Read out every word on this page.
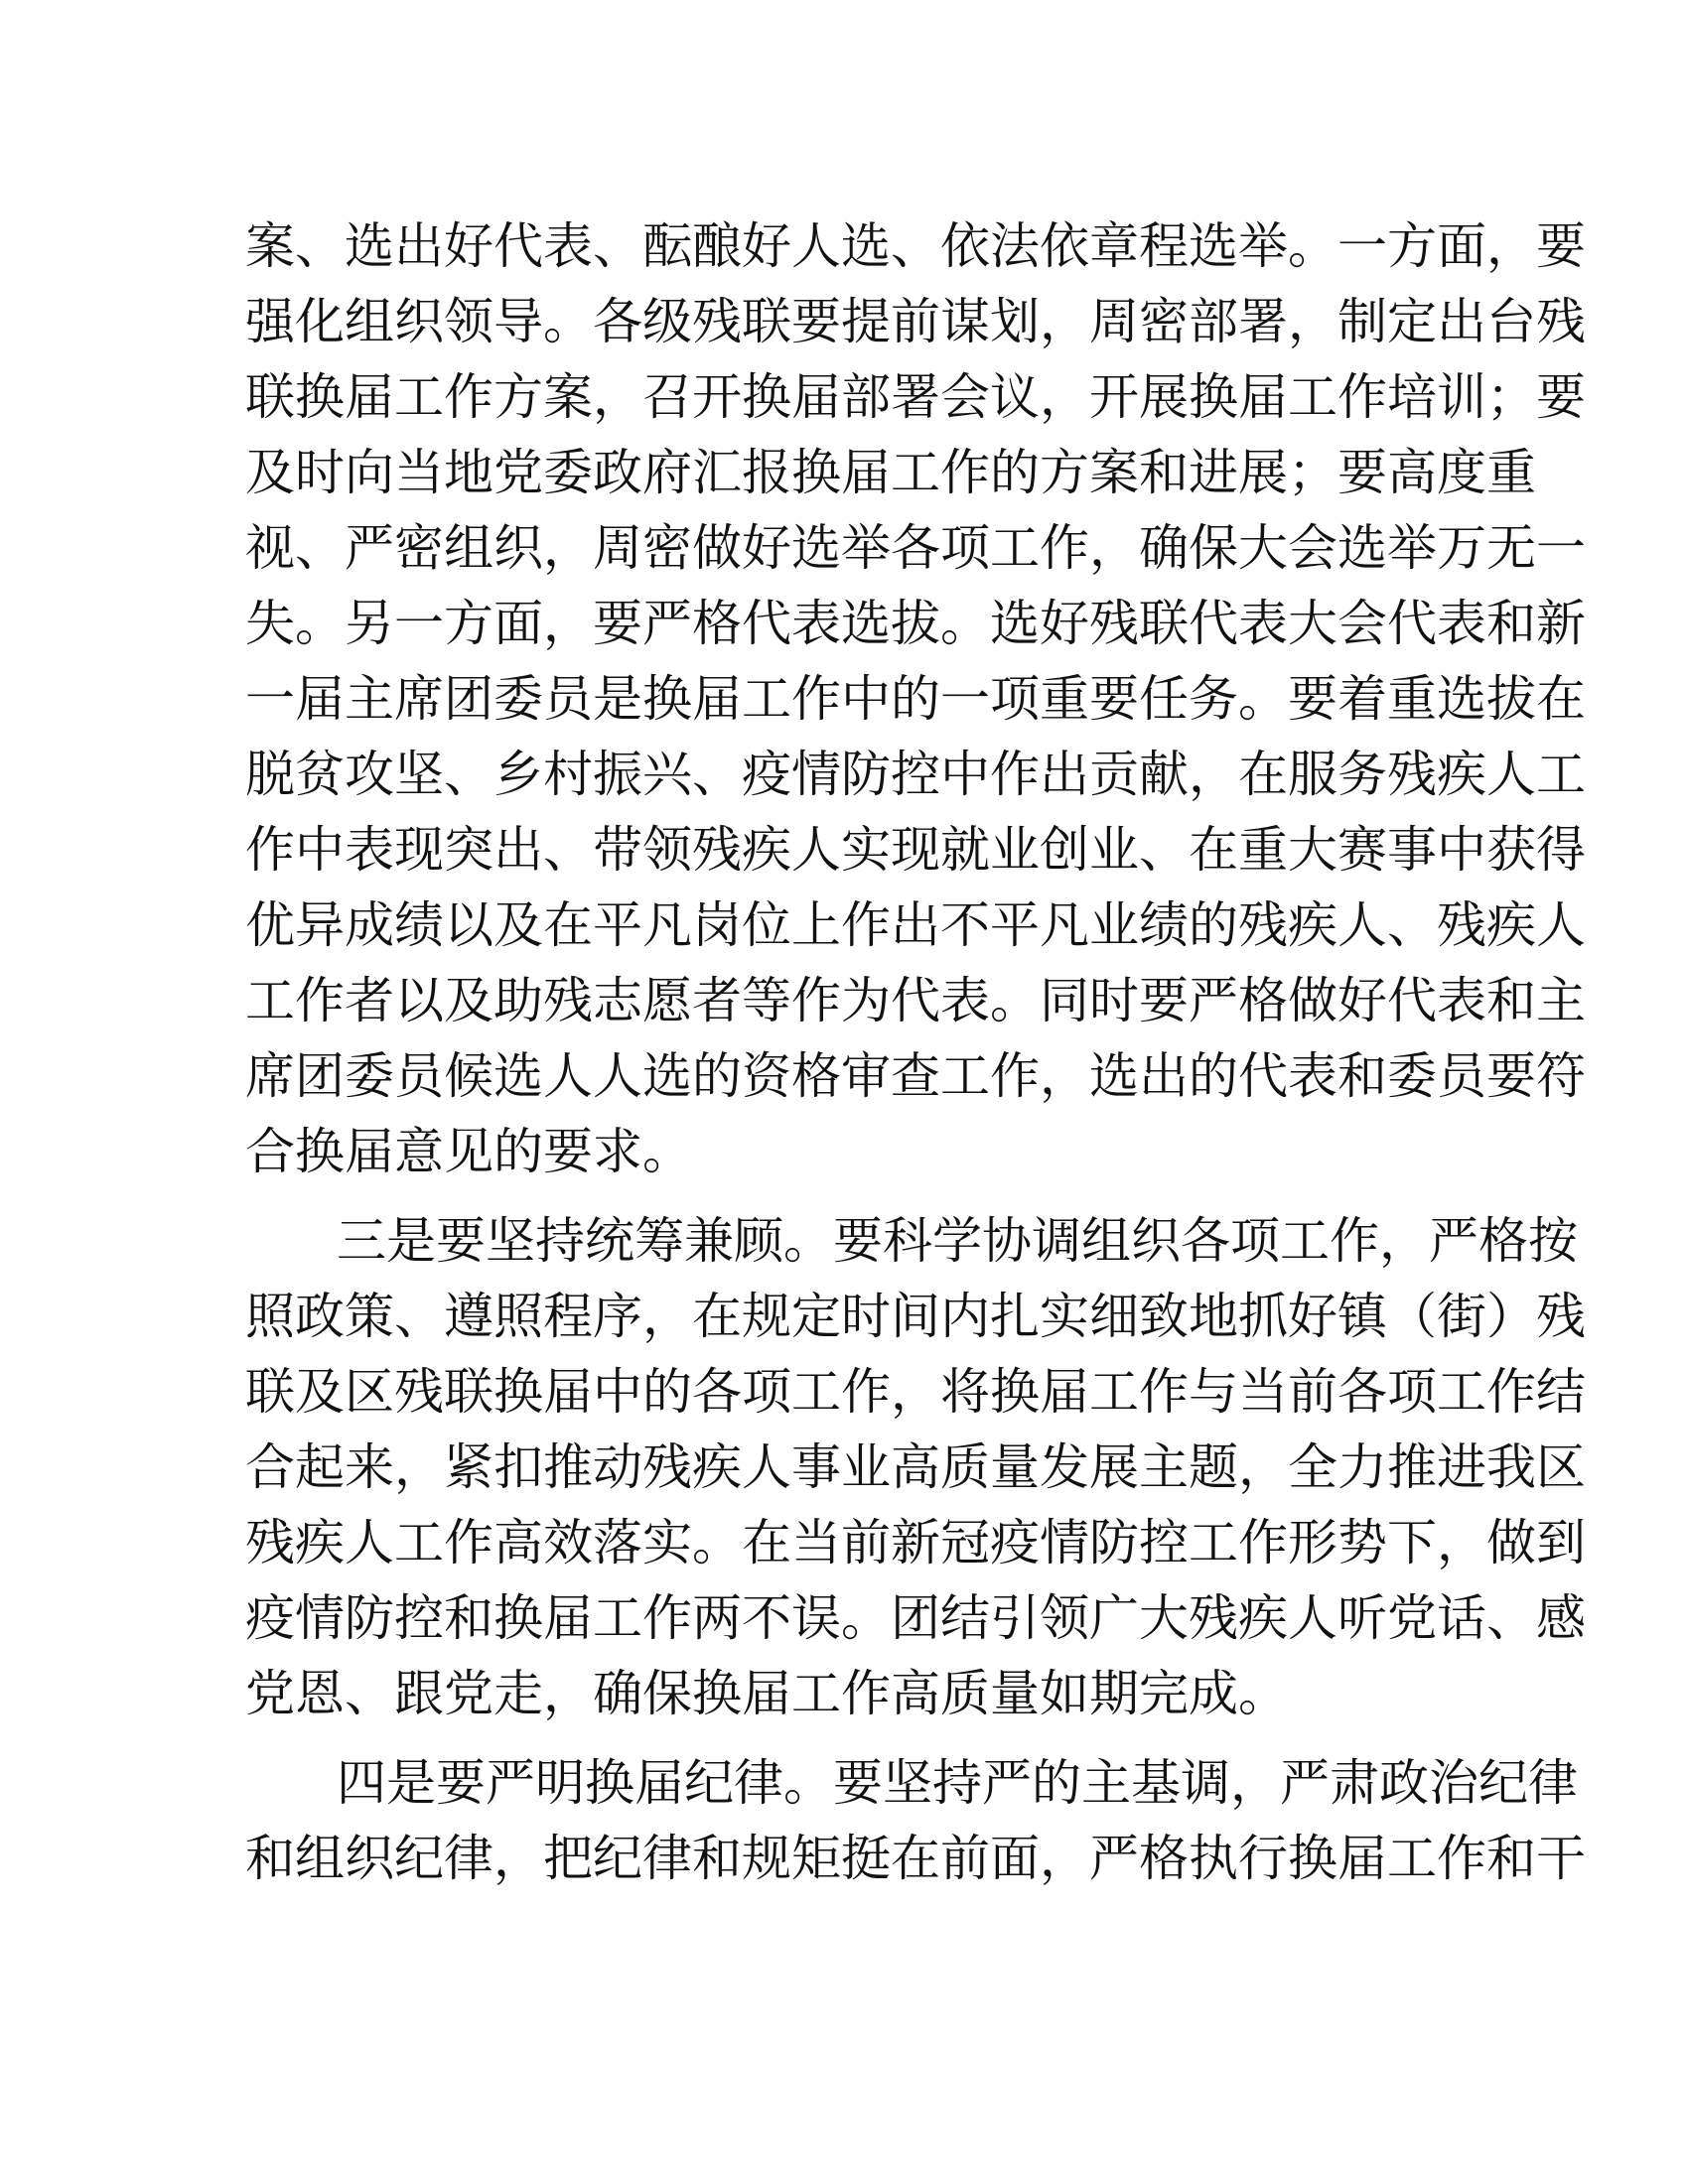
案、选出好代表、酝酿好人选、依法依章程选举。一方面，要
强化组织领导。各级残联要提前谋划，周密部署，制定出台残
联换届工作方案，召开换届部署会议，开展换届工作培训；要
及时向当地党委政府汇报换届工作的方案和进展；要高度重
视、严密组织，周密做好选举各项工作，确保大会选举万无一
失。另一方面，要严格代表选拔。选好残联代表大会代表和新
一届主席团委员是换届工作中的一项重要任务。要着重选拔在
脱贫攻坚、乡村振兴、疫情防控中作出贡献，在服务残疾人工
作中表现突出、带领残疾人实现就业创业、在重大赛事中获得
优异成绩以及在平凡岗位上作出不平凡业绩的残疾人、残疾人
工作者以及助残志愿者等作为代表。同时要严格做好代表和主
席团委员候选人人选的资格审查工作，选出的代表和委员要符
合换届意见的要求。
三是要坚持统筹兼顾。要科学协调组织各项工作，严格按
照政策、遵照程序，在规定时间内扎实细致地抓好镇（街）残
联及区残联换届中的各项工作，将换届工作与当前各项工作结
合起来，紧扣推动残疾人事业高质量发展主题，全力推进我区
残疾人工作高效落实。在当前新冠疫情防控工作形势下，做到
疫情防控和换届工作两不误。团结引领广大残疾人听党话、感
党恩、跟党走，确保换届工作高质量如期完成。
四是要严明换届纪律。要坚持严的主基调，严肃政治纪律
和组织纪律，把纪律和规矩挺在前面，严格执行换届工作和干
